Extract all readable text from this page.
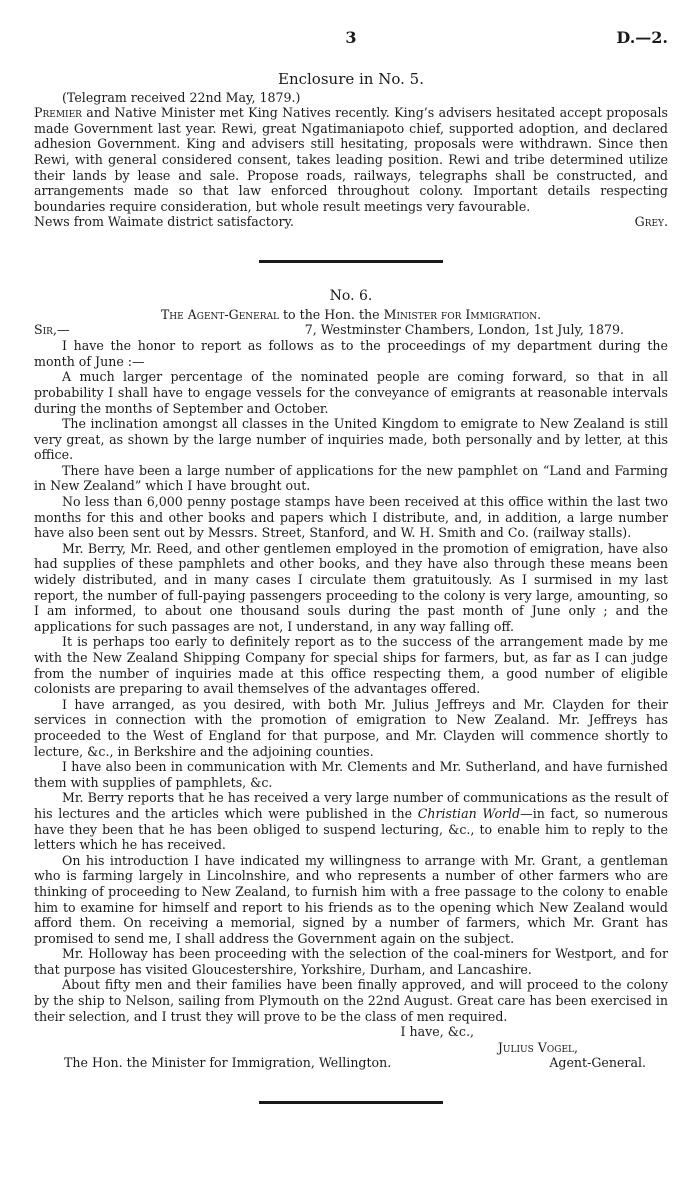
3	D.—2.
Enclosure in No. 5.

(Telegram received 22nd May, 1879.)

Premier and Native Minister met King Natives recently. King’s advisers hesitated accept proposals made Government last year. Rewi, great Ngatimaniapoto chief, supported adoption, and declared adhesion Government. King and advisers still hesitating, proposals were withdrawn. Since then Rewi, with general considered consent, takes leading position. Rewi and tribe determined utilize their lands by lease and sale. Propose roads, railways, telegraphs shall be constructed, and arrangements made so that law enforced throughout colony. Important details respecting boundaries require consideration, but whole result meetings very favourable.

News from Waimate district satisfactory.	Grey.
No. 6.
The Agent-General to the Hon. the Minister for Immigration.
Sir,—	7, Westminster Chambers, London, 1st July, 1879.

I have the honor to report as follows as to the proceedings of my department during the month of June :—

A much larger percentage of the nominated people are coming forward, so that in all probability I shall have to engage vessels for the conveyance of emigrants at reasonable intervals during the months of September and October.

The inclination amongst all classes in the United Kingdom to emigrate to New Zealand is still very great, as shown by the large number of inquiries made, both personally and by letter, at this office.

There have been a large number of applications for the new pamphlet on “Land and Farming in New Zealand” which I have brought out.

No less than 6,000 penny postage stamps have been received at this office within the last two months for this and other books and papers which I distribute, and, in addition, a large number have also been sent out by Messrs. Street, Stanford, and W. H. Smith and Co. (railway stalls).

Mr. Berry, Mr. Reed, and other gentlemen employed in the promotion of emigration, have also had supplies of these pamphlets and other books, and they have also through these means been widely distributed, and in many cases I circulate them gratuitously. As I surmised in my last report, the number of full-paying passengers proceeding to the colony is very large, amounting, so I am informed, to about one thousand souls during the past month of June only ; and the applications for such passages are not, I understand, in any way falling off.

It is perhaps too early to definitely report as to the success of the arrangement made by me with the New Zealand Shipping Company for special ships for farmers, but, as far as I can judge from the number of inquiries made at this office respecting them, a good number of eligible colonists are preparing to avail themselves of the advantages offered.

I have arranged, as you desired, with both Mr. Julius Jeffreys and Mr. Clayden for their services in connection with the promotion of emigration to New Zealand. Mr. Jeffreys has proceeded to the West of England for that purpose, and Mr. Clayden will commence shortly to lecture, &c., in Berkshire and the adjoining counties.

I have also been in communication with Mr. Clements and Mr. Sutherland, and have furnished them with supplies of pamphlets, &c.

Mr. Berry reports that he has received a very large number of communications as the result of his lectures and the articles which were published in the Christian World—in fact, so numerous have they been that he has been obliged to suspend lecturing, &c., to enable him to reply to the letters which he has received.

On his introduction I have indicated my willingness to arrange with Mr. Grant, a gentleman who is farming largely in Lincolnshire, and who represents a number of other farmers who are thinking of proceeding to New Zealand, to furnish him with a free passage to the colony to enable him to examine for himself and report to his friends as to the opening which New Zealand would afford them. On receiving a memorial, signed by a number of farmers, which Mr. Grant has promised to send me, I shall address the Government again on the subject.

Mr. Holloway has been proceeding with the selection of the coal-miners for Westport, and for that purpose has visited Gloucestershire, Yorkshire, Durham, and Lancashire.

About fifty men and their families have been finally approved, and will proceed to the colony by the ship to Nelson, sailing from Plymouth on the 22nd August. Great care has been exercised in their selection, and I trust they will prove to be the class of men required.

I have, &c.,
Julius Vogel,
The Hon. the Minister for Immigration, Wellington.	Agent-General.
